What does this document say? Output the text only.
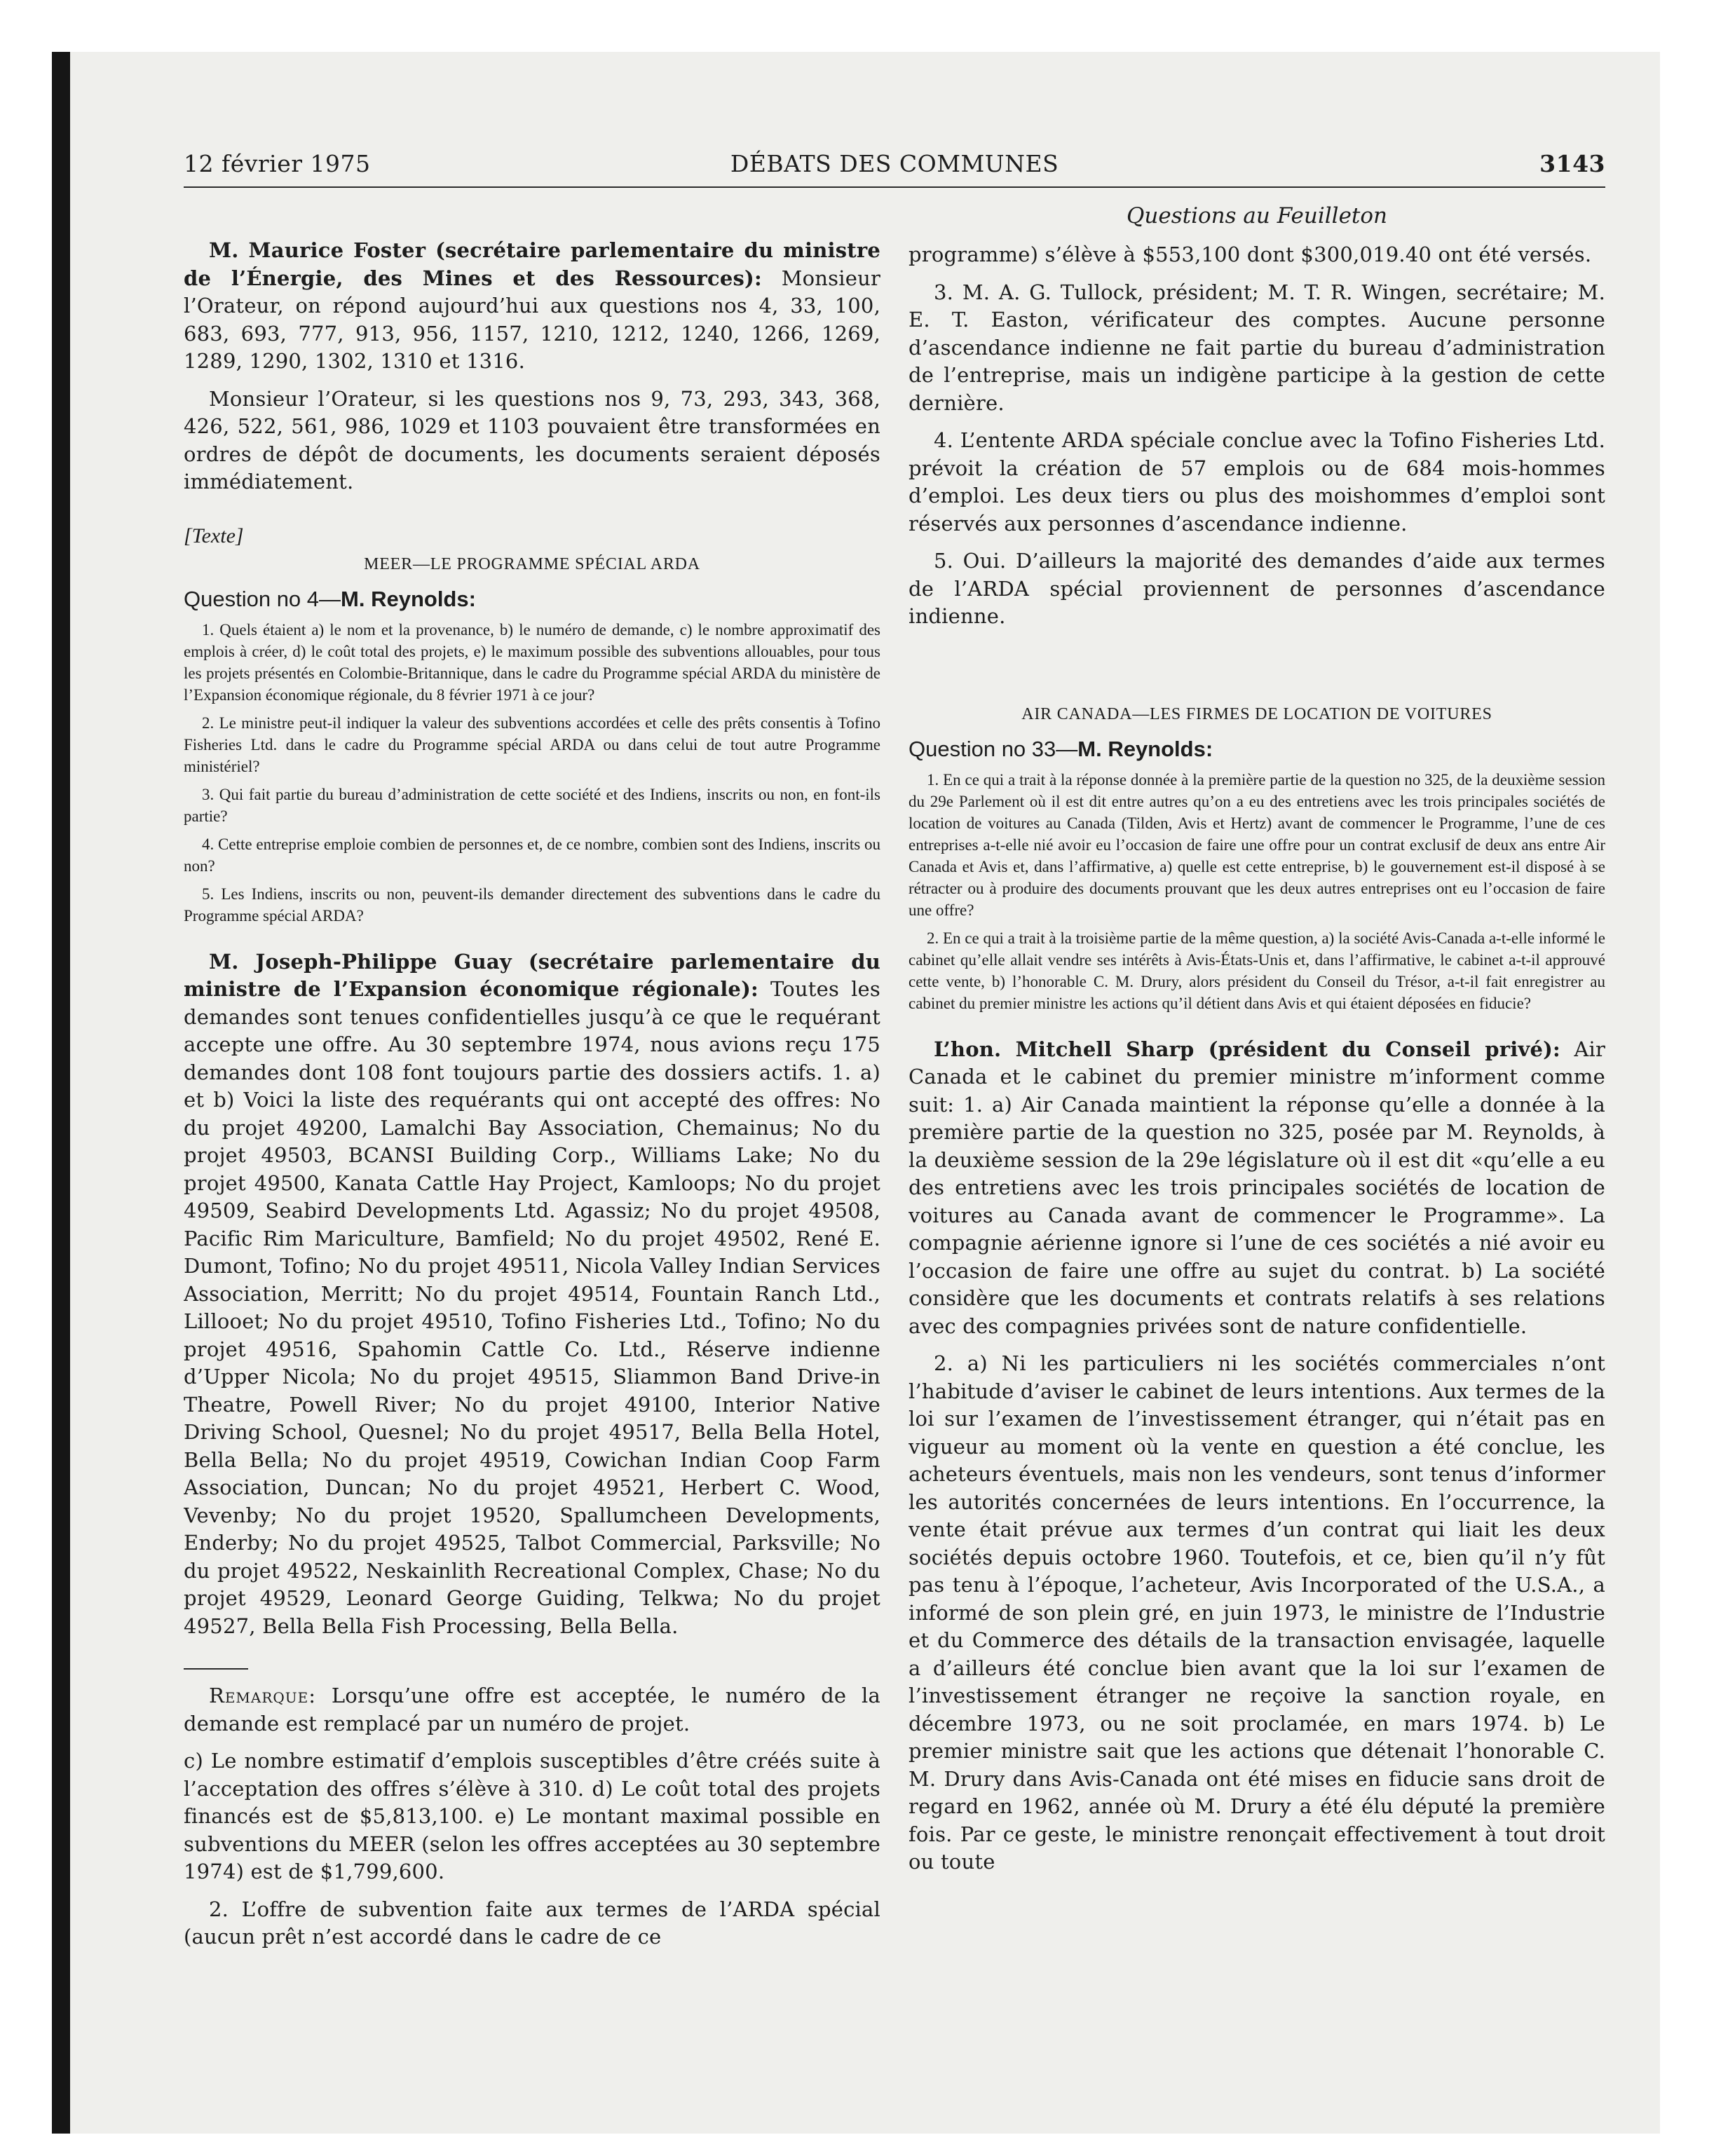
12 février 1975	DÉBATS DES COMMUNES	3143
Questions au Feuilleton

M. Maurice Foster (secrétaire parlementaire du ministre de l’Énergie, des Mines et des Ressources): Monsieur l’Orateur, on répond aujourd’hui aux questions nos 4, 33, 100, 683, 693, 777, 913, 956, 1157, 1210, 1212, 1240, 1266, 1269, 1289, 1290, 1302, 1310 et 1316.

Monsieur l’Orateur, si les questions nos 9, 73, 293, 343, 368, 426, 522, 561, 986, 1029 et 1103 pouvaient être transformées en ordres de dépôt de documents, les documents seraient déposés immédiatement.

[Texte]

MEER—LE PROGRAMME SPÉCIAL ARDA

Question no 4—M. Reynolds:

1. Quels étaient a) le nom et la provenance, b) le numéro de demande, c) le nombre approximatif des emplois à créer, d) le coût total des projets, e) le maximum possible des subventions allouables, pour tous les projets présentés en Colombie-Britannique, dans le cadre du Programme spécial ARDA du ministère de l’Expansion économique régionale, du 8 février 1971 à ce jour?

2. Le ministre peut-il indiquer la valeur des subventions accordées et celle des prêts consentis à Tofino Fisheries Ltd. dans le cadre du Programme spécial ARDA ou dans celui de tout autre Programme ministériel?

3. Qui fait partie du bureau d’administration de cette société et des Indiens, inscrits ou non, en font-ils partie?

4. Cette entreprise emploie combien de personnes et, de ce nombre, combien sont des Indiens, inscrits ou non?

5. Les Indiens, inscrits ou non, peuvent-ils demander directement des subventions dans le cadre du Programme spécial ARDA?

M. Joseph-Philippe Guay (secrétaire parlementaire du ministre de l’Expansion économique régionale): Toutes les demandes sont tenues confidentielles jusqu’à ce que le requérant accepte une offre. Au 30 septembre 1974, nous avions reçu 175 demandes dont 108 font toujours partie des dossiers actifs. 1. a) et b) Voici la liste des requérants qui ont accepté des offres: No du projet 49200, Lamalchi Bay Association, Chemainus; No du projet 49503, BCANSI Building Corp., Williams Lake; No du projet 49500, Kanata Cattle Hay Project, Kamloops; No du projet 49509, Seabird Developments Ltd. Agassiz; No du projet 49508, Pacific Rim Mariculture, Bamfield; No du projet 49502, René E. Dumont, Tofino; No du projet 49511, Nicola Valley Indian Services Association, Merritt; No du projet 49514, Fountain Ranch Ltd., Lillooet; No du projet 49510, Tofino Fisheries Ltd., Tofino; No du projet 49516, Spahomin Cattle Co. Ltd., Réserve indienne d’Upper Nicola; No du projet 49515, Sliammon Band Drive-in Theatre, Powell River; No du projet 49100, Interior Native Driving School, Quesnel; No du projet 49517, Bella Bella Hotel, Bella Bella; No du projet 49519, Cowichan Indian Coop Farm Association, Duncan; No du projet 49521, Herbert C. Wood, Vevenby; No du projet 19520, Spallumcheen Developments, Enderby; No du projet 49525, Talbot Commercial, Parksville; No du projet 49522, Neskainlith Recreational Complex, Chase; No du projet 49529, Leonard George Guiding, Telkwa; No du projet 49527, Bella Bella Fish Processing, Bella Bella.

Remarque: Lorsqu’une offre est acceptée, le numéro de la demande est remplacé par un numéro de projet.

c) Le nombre estimatif d’emplois susceptibles d’être créés suite à l’acceptation des offres s’élève à 310. d) Le coût total des projets financés est de $5,813,100. e) Le montant maximal possible en subventions du MEER (selon les offres acceptées au 30 septembre 1974) est de $1,799,600.

2. L’offre de subvention faite aux termes de l’ARDA spécial (aucun prêt n’est accordé dans le cadre de ce

programme) s’élève à $553,100 dont $300,019.40 ont été versés.

3. M. A. G. Tullock, président; M. T. R. Wingen, secrétaire; M. E. T. Easton, vérificateur des comptes. Aucune personne d’ascendance indienne ne fait partie du bureau d’administration de l’entreprise, mais un indigène participe à la gestion de cette dernière.

4. L’entente ARDA spéciale conclue avec la Tofino Fisheries Ltd. prévoit la création de 57 emplois ou de 684 mois-hommes d’emploi. Les deux tiers ou plus des moishommes d’emploi sont réservés aux personnes d’ascendance indienne.

5. Oui. D’ailleurs la majorité des demandes d’aide aux termes de l’ARDA spécial proviennent de personnes d’ascendance indienne.

AIR CANADA—LES FIRMES DE LOCATION DE VOITURES

Question no 33—M. Reynolds:

1. En ce qui a trait à la réponse donnée à la première partie de la question no 325, de la deuxième session du 29e Parlement où il est dit entre autres qu’on a eu des entretiens avec les trois principales sociétés de location de voitures au Canada (Tilden, Avis et Hertz) avant de commencer le Programme, l’une de ces entreprises a-t-elle nié avoir eu l’occasion de faire une offre pour un contrat exclusif de deux ans entre Air Canada et Avis et, dans l’affirmative, a) quelle est cette entreprise, b) le gouvernement est-il disposé à se rétracter ou à produire des documents prouvant que les deux autres entreprises ont eu l’occasion de faire une offre?

2. En ce qui a trait à la troisième partie de la même question, a) la société Avis-Canada a-t-elle informé le cabinet qu’elle allait vendre ses intérêts à Avis-États-Unis et, dans l’affirmative, le cabinet a-t-il approuvé cette vente, b) l’honorable C. M. Drury, alors président du Conseil du Trésor, a-t-il fait enregistrer au cabinet du premier ministre les actions qu’il détient dans Avis et qui étaient déposées en fiducie?

L’hon. Mitchell Sharp (président du Conseil privé): Air Canada et le cabinet du premier ministre m’informent comme suit: 1. a) Air Canada maintient la réponse qu’elle a donnée à la première partie de la question no 325, posée par M. Reynolds, à la deuxième session de la 29e législature où il est dit «qu’elle a eu des entretiens avec les trois principales sociétés de location de voitures au Canada avant de commencer le Programme». La compagnie aérienne ignore si l’une de ces sociétés a nié avoir eu l’occasion de faire une offre au sujet du contrat. b) La société considère que les documents et contrats relatifs à ses relations avec des compagnies privées sont de nature confidentielle.

2. a) Ni les particuliers ni les sociétés commerciales n’ont l’habitude d’aviser le cabinet de leurs intentions. Aux termes de la loi sur l’examen de l’investissement étranger, qui n’était pas en vigueur au moment où la vente en question a été conclue, les acheteurs éventuels, mais non les vendeurs, sont tenus d’informer les autorités concernées de leurs intentions. En l’occurrence, la vente était prévue aux termes d’un contrat qui liait les deux sociétés depuis octobre 1960. Toutefois, et ce, bien qu’il n’y fût pas tenu à l’époque, l’acheteur, Avis Incorporated of the U.S.A., a informé de son plein gré, en juin 1973, le ministre de l’Industrie et du Commerce des détails de la transaction envisagée, laquelle a d’ailleurs été conclue bien avant que la loi sur l’examen de l’investissement étranger ne reçoive la sanction royale, en décembre 1973, ou ne soit proclamée, en mars 1974. b) Le premier ministre sait que les actions que détenait l’honorable C. M. Drury dans Avis-Canada ont été mises en fiducie sans droit de regard en 1962, année où M. Drury a été élu député la première fois. Par ce geste, le ministre renonçait effectivement à tout droit ou toute
